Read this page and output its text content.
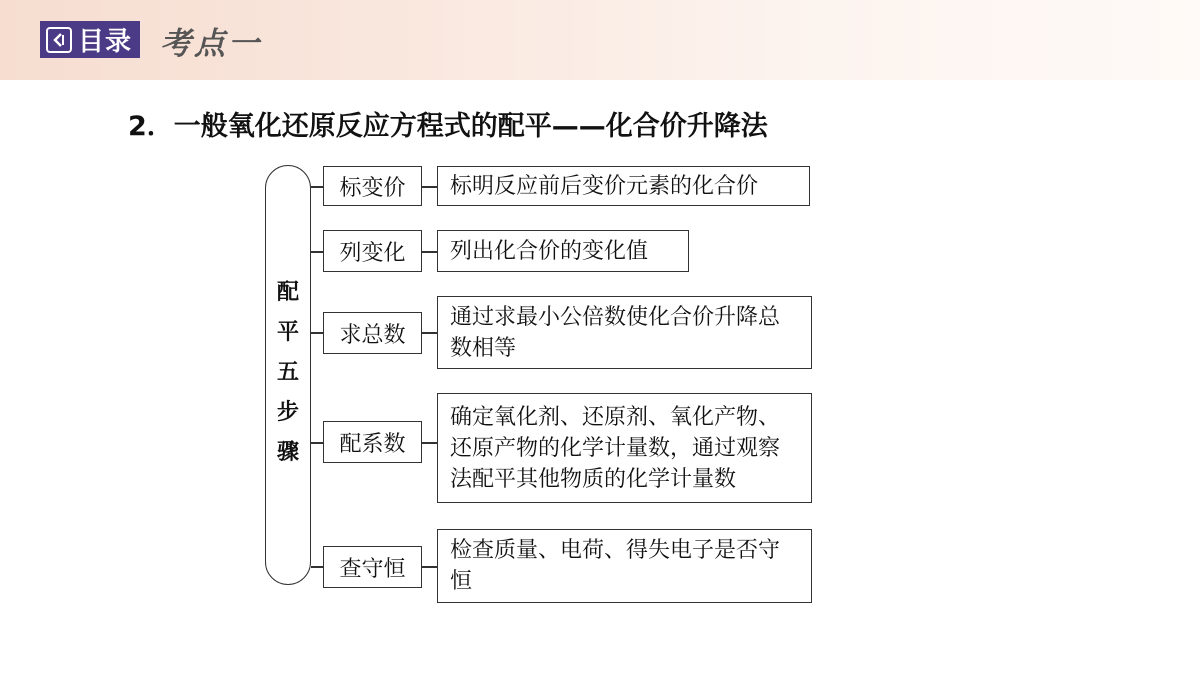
目录 考点一
2．一般氧化还原反应方程式的配平——化合价升降法
配
平
五
步
骤
标变价	标明反应前后变价元素的化合价
列变化	列出化合价的变化值
求总数
通过求最小公倍数使化合价升降总数相等
配系数
确定氧化剂、还原剂、氧化产物、还原产物的化学计量数，通过观察法配平其他物质的化学计量数
查守恒
检查质量、电荷、得失电子是否守恒
